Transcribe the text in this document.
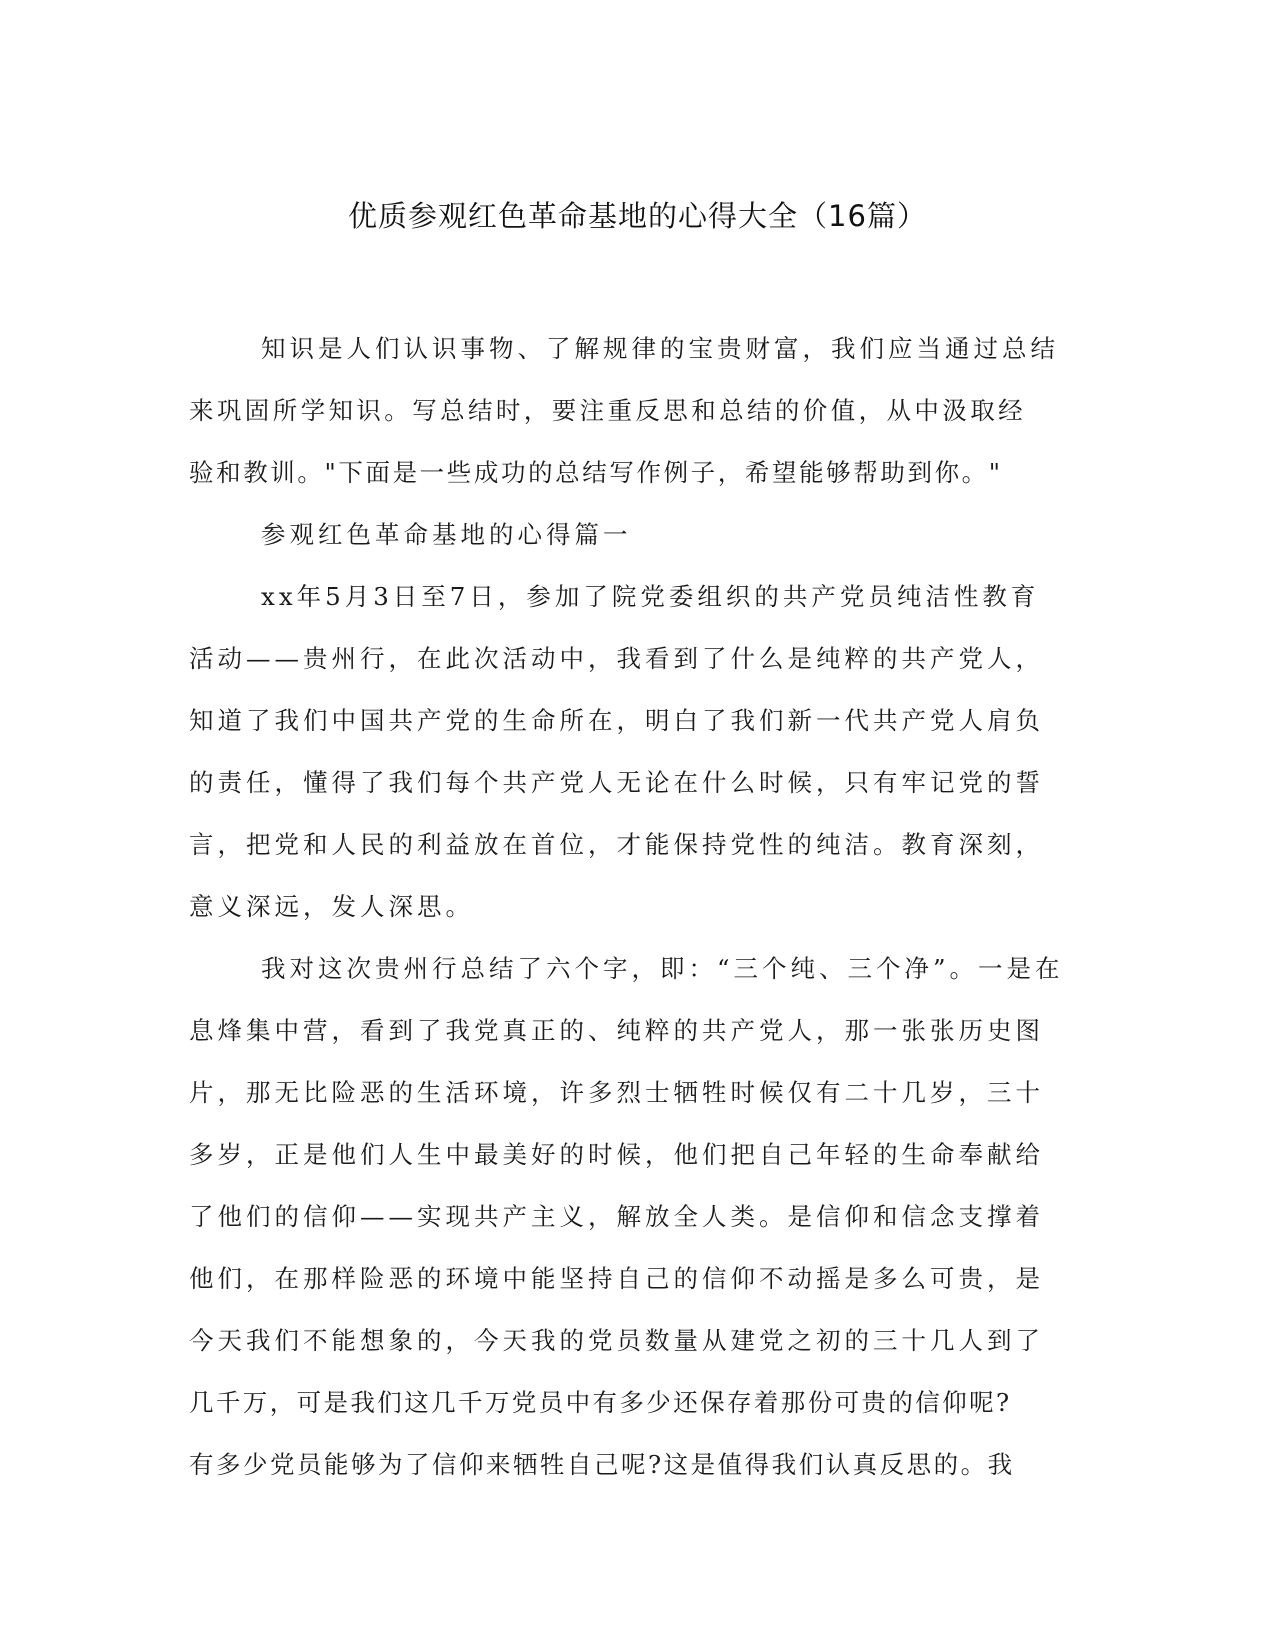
优质参观红色革命基地的心得大全（16篇）
知识是人们认识事物、了解规律的宝贵财富，我们应当通过总结
来巩固所学知识。写总结时，要注重反思和总结的价值，从中汲取经
验和教训。"下面是一些成功的总结写作例子，希望能够帮助到你。"
参观红色革命基地的心得篇一
xx年5月3日至7日，参加了院党委组织的共产党员纯洁性教育
活动——贵州行，在此次活动中，我看到了什么是纯粹的共产党人，
知道了我们中国共产党的生命所在，明白了我们新一代共产党人肩负
的责任，懂得了我们每个共产党人无论在什么时候，只有牢记党的誓
言，把党和人民的利益放在首位，才能保持党性的纯洁。教育深刻，
意义深远，发人深思。
我对这次贵州行总结了六个字，即：“三个纯、三个净”。一是在
息烽集中营，看到了我党真正的、纯粹的共产党人，那一张张历史图
片，那无比险恶的生活环境，许多烈士牺牲时候仅有二十几岁，三十
多岁，正是他们人生中最美好的时候，他们把自己年轻的生命奉献给
了他们的信仰——实现共产主义，解放全人类。是信仰和信念支撑着
他们，在那样险恶的环境中能坚持自己的信仰不动摇是多么可贵，是
今天我们不能想象的，今天我的党员数量从建党之初的三十几人到了
几千万，可是我们这几千万党员中有多少还保存着那份可贵的信仰呢?
有多少党员能够为了信仰来牺牲自己呢?这是值得我们认真反思的。我
